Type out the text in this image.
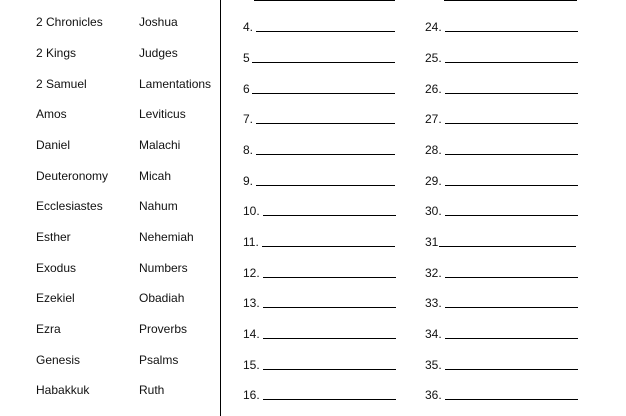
2 Chronicles
2 Kings
2 Samuel
Amos
Daniel
Deuteronomy
Ecclesiastes
Esther
Exodus
Ezekiel
Ezra
Genesis
Habakkuk
Joshua
Judges
Lamentations
Leviticus
Malachi
Micah
Nahum
Nehemiah
Numbers
Obadiah
Proverbs
Psalms
Ruth
4.
5
6
7.
8.
9.
10.
11.
12.
13.
14.
15.
16.
24.
25.
26.
27.
28.
29.
30.
31
32.
33.
34.
35.
36.
